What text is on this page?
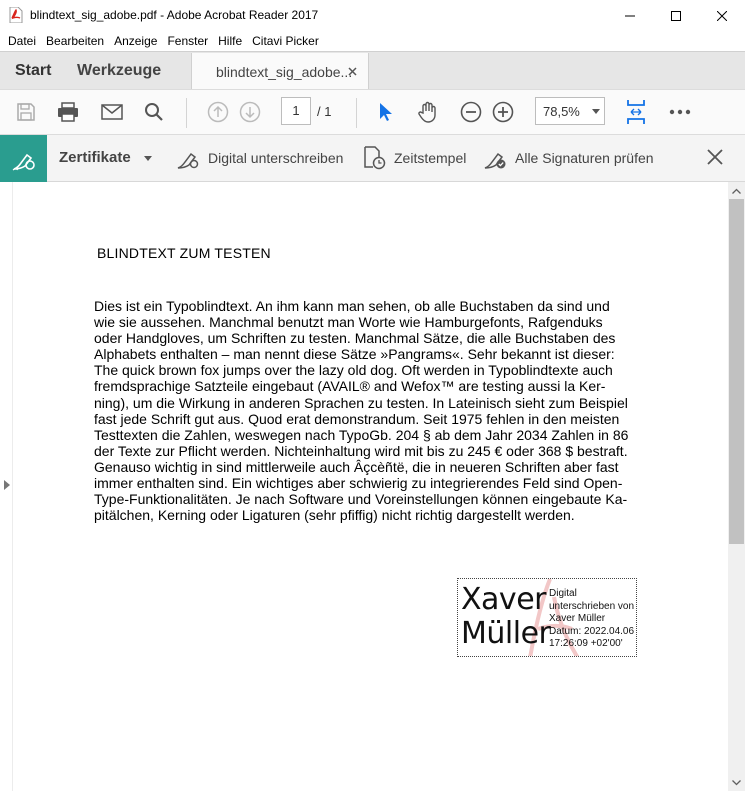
blindtext_sig_adobe.pdf - Adobe Acrobat Reader 2017
Datei Bearbeiten Anzeige Fenster Hilfe Citavi Picker
Start Werkzeuge	blindtext_sig_adobe...
1	/ 1	78,5%
Zertifikate	Digital unterschreiben	Zeitstempel	Alle Signaturen prüfen
BLINDTEXT ZUM TESTEN
Dies ist ein Typoblindtext. An ihm kann man sehen, ob alle Buchstaben da sind und
wie sie aussehen. Manchmal benutzt man Worte wie Hamburgefonts, Rafgenduks
oder Handgloves, um Schriften zu testen. Manchmal Sätze, die alle Buchstaben des
Alphabets enthalten – man nennt diese Sätze »Pangrams«. Sehr bekannt ist dieser:
The quick brown fox jumps over the lazy old dog. Oft werden in Typoblindtexte auch
fremdsprachige Satzteile eingebaut (AVAIL® and Wefox™ are testing aussi la Ker-
ning), um die Wirkung in anderen Sprachen zu testen. In Lateinisch sieht zum Beispiel
fast jede Schrift gut aus. Quod erat demonstrandum. Seit 1975 fehlen in den meisten
Testtexten die Zahlen, weswegen nach TypoGb. 204 § ab dem Jahr 2034 Zahlen in 86
der Texte zur Pflicht werden. Nichteinhaltung wird mit bis zu 245 € oder 368 $ bestraft.
Genauso wichtig in sind mittlerweile auch Âçcèñtë, die in neueren Schriften aber fast
immer enthalten sind. Ein wichtiges aber schwierig zu integrierendes Feld sind Open-
Type-Funktionalitäten. Je nach Software und Voreinstellungen können eingebaute Ka-
pitälchen, Kerning oder Ligaturen (sehr pfiffig) nicht richtig dargestellt werden.
Xaver
Müller
Digital
unterschrieben von
Xaver Müller
Datum: 2022.04.06
17:26:09 +02'00'
